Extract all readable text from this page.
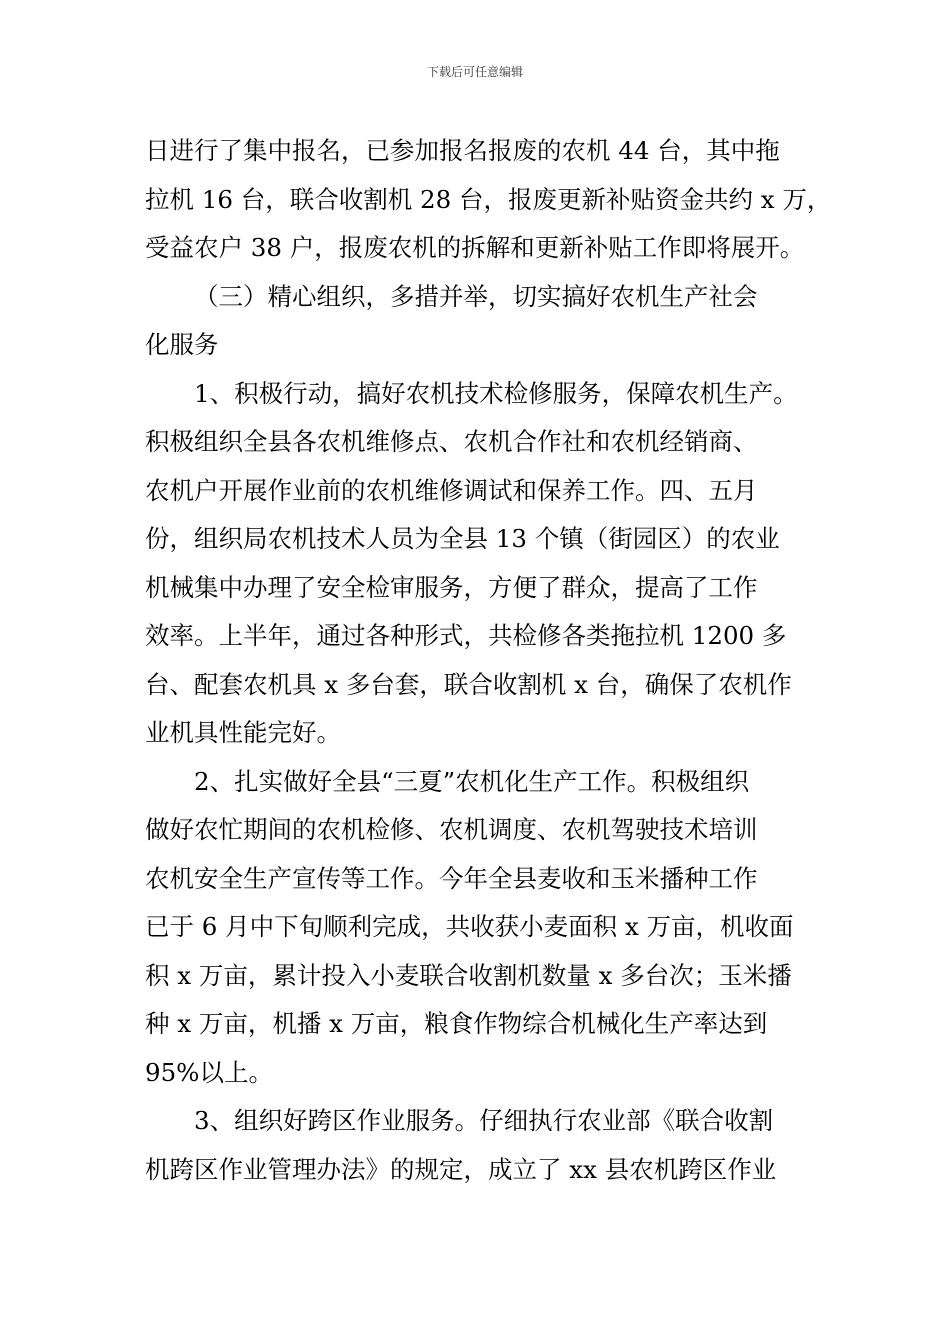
下载后可任意编辑
日进行了集中报名，已参加报名报废的农机 44 台，其中拖
拉机 16 台，联合收割机 28 台，报废更新补贴资金共约 x 万，
受益农户 38 户，报废农机的拆解和更新补贴工作即将展开。
（三）精心组织，多措并举，切实搞好农机生产社会
化服务
1、积极行动，搞好农机技术检修服务，保障农机生产。
积极组织全县各农机维修点、农机合作社和农机经销商、
农机户开展作业前的农机维修调试和保养工作。四、五月
份，组织局农机技术人员为全县 13 个镇（街园区）的农业
机械集中办理了安全检审服务，方便了群众，提高了工作
效率。上半年，通过各种形式，共检修各类拖拉机 1200 多
台、配套农机具 x 多台套，联合收割机 x 台，确保了农机作
业机具性能完好。
2、扎实做好全县“三夏”农机化生产工作。积极组织
做好农忙期间的农机检修、农机调度、农机驾驶技术培训
农机安全生产宣传等工作。今年全县麦收和玉米播种工作
已于 6 月中下旬顺利完成，共收获小麦面积 x 万亩，机收面
积 x 万亩，累计投入小麦联合收割机数量 x 多台次；玉米播
种 x 万亩，机播 x 万亩，粮食作物综合机械化生产率达到
95%以上。
3、组织好跨区作业服务。仔细执行农业部《联合收割
机跨区作业管理办法》的规定，成立了 xx 县农机跨区作业
